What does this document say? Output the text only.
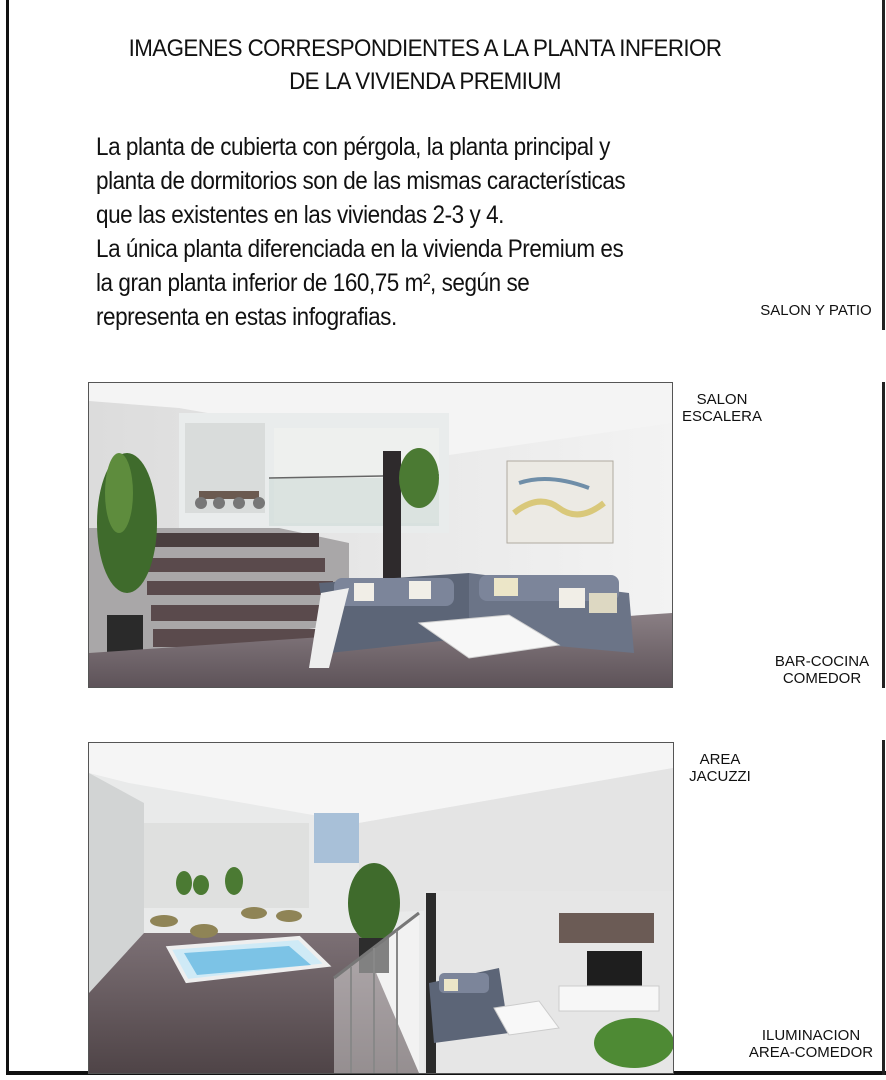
IMAGENES CORRESPONDIENTES A LA PLANTA INFERIOR
DE LA VIVIENDA PREMIUM
La planta de cubierta con pérgola, la planta principal y
planta de dormitorios son de las mismas características
que las existentes en las viviendas 2-3 y 4.
La única planta diferenciada en la vivienda Premium es
la gran planta inferior de 160,75 m², según se
representa en estas infografias.	SALON Y PATIO
SALON
ESCALERA
BAR-COCINA
COMEDOR
AREA
JACUZZI
ILUMINACION
AREA-COMEDOR
